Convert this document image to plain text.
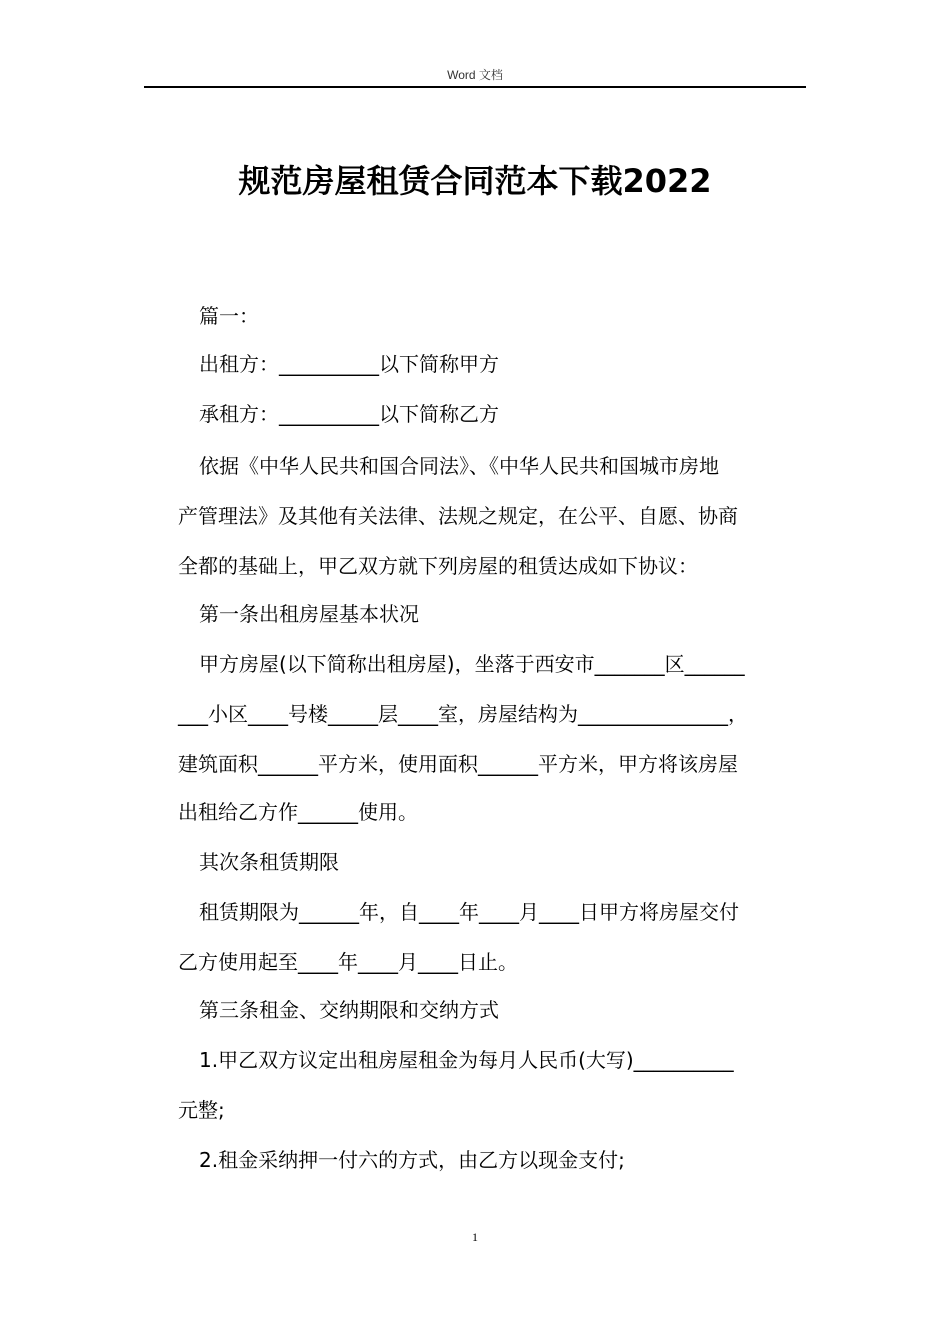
Word 文档
规范房屋租赁合同范本下载2022
篇一：
出租方：__________以下简称甲方
承租方：__________以下简称乙方
依据《中华人民共和国合同法》、《中华人民共和国城市房地
产管理法》及其他有关法律、法规之规定，在公平、自愿、协商
全都的基础上，甲乙双方就下列房屋的租赁达成如下协议：
第一条出租房屋基本状况
甲方房屋(以下简称出租房屋)，坐落于西安市_______区______
___小区____号楼_____层____室，房屋结构为_______________，
建筑面积______平方米，使用面积______平方米，甲方将该房屋
出租给乙方作______使用。
其次条租赁期限
租赁期限为______年，自____年____月____日甲方将房屋交付
乙方使用起至____年____月____日止。
第三条租金、交纳期限和交纳方式
1.甲乙双方议定出租房屋租金为每月人民币(大写)__________
元整;
2.租金采纳押一付六的方式，由乙方以现金支付;
1
